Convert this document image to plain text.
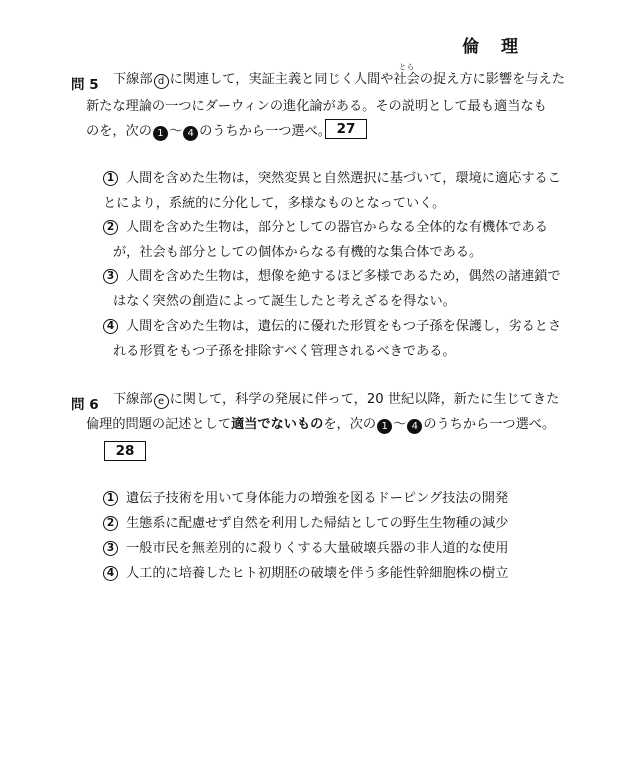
倫 理
問 5
とら
下線部 d に関連して，実証主義と同じく人間や社会の捉え方に影響を与えた
新たな理論の一つにダーウィンの進化論がある。その説明として最も適当なも
のを，次の 1 〜 4 のうちから一つ選べ。 27
1 人間を含めた生物は，突然変異と自然選択に基づいて，環境に適応するこ
とにより，系統的に分化して，多様なものとなっていく。
2 人間を含めた生物は，部分としての器官からなる全体的な有機体である
が，社会も部分としての個体からなる有機的な集合体である。
3 人間を含めた生物は，想像を絶するほど多様であるため，偶然の諸連鎖で
はなく突然の創造によって誕生したと考えざるを得ない。
4 人間を含めた生物は，遺伝的に優れた形質をもつ子孫を保護し，劣るとさ
れる形質をもつ子孫を排除すべく管理されるべきである。
問 6 下線部 e に関して，科学の発展に伴って，20 世紀以降，新たに生じてきた
倫理的問題の記述として適当でないものを，次の 1 〜 4 のうちから一つ選べ。
28
1 遺伝子技術を用いて身体能力の増強を図るドーピング技法の開発
2 生態系に配慮せず自然を利用した帰結としての野生生物種の減少
3 一般市民を無差別的に殺りくする大量破壊兵器の非人道的な使用
4 人工的に培養したヒト初期胚の破壊を伴う多能性幹細胞株の樹立
